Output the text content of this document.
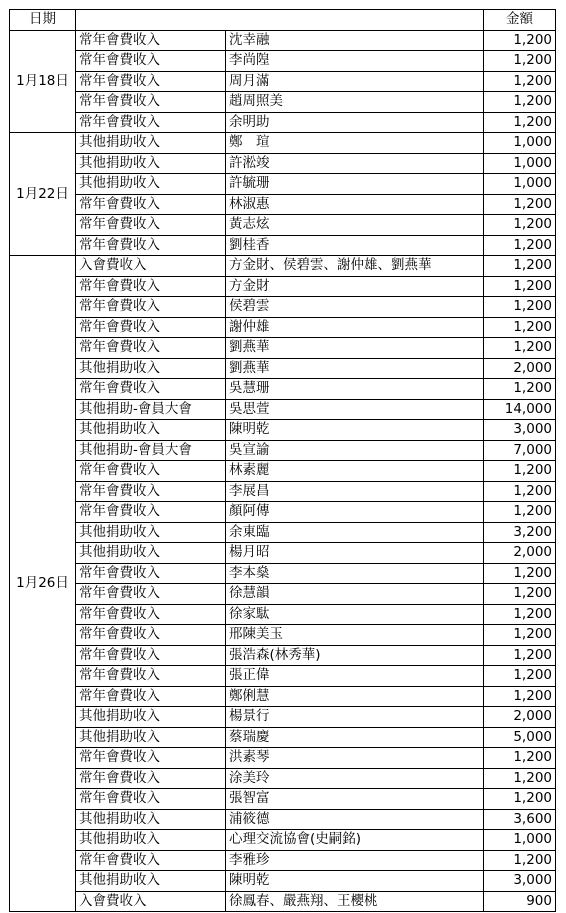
日期			金額
1月18日	常年會費收入	沈幸融	1,200
	常年會費收入	李尚隍	1,200
	常年會費收入	周月滿	1,200
	常年會費收入	趙周照美	1,200
	常年會費收入	余明助	1,200
1月22日	其他捐助收入	鄭　瑄	1,000
	其他捐助收入	許淞竣	1,000
	其他捐助收入	許毓珊	1,000
	常年會費收入	林淑惠	1,200
	常年會費收入	黃志炫	1,200
	常年會費收入	劉桂香	1,200
1月26日	入會費收入	方金財、侯碧雲、謝仲雄、劉燕華	1,200
	常年會費收入	方金財	1,200
	常年會費收入	侯碧雲	1,200
	常年會費收入	謝仲雄	1,200
	常年會費收入	劉燕華	1,200
	其他捐助收入	劉燕華	2,000
	常年會費收入	吳慧珊	1,200
	其他捐助-會員大會	吳思萱	14,000
	其他捐助收入	陳明乾	3,000
	其他捐助-會員大會	吳宣諭	7,000
	常年會費收入	林素麗	1,200
	常年會費收入	李展昌	1,200
	常年會費收入	顏阿傳	1,200
	其他捐助收入	余東臨	3,200
	其他捐助收入	楊月昭	2,000
	常年會費收入	李本燊	1,200
	常年會費收入	徐慧韻	1,200
	常年會費收入	徐家駄	1,200
	常年會費收入	邢陳美玉	1,200
	常年會費收入	張浩森(林秀華)	1,200
	常年會費收入	張正偉	1,200
	常年會費收入	鄭俐慧	1,200
	其他捐助收入	楊景行	2,000
	其他捐助收入	蔡瑞慶	5,000
	常年會費收入	洪素琴	1,200
	常年會費收入	涂美玲	1,200
	常年會費收入	張智富	1,200
	其他捐助收入	浦筱德	3,600
	其他捐助收入	心理交流協會(史嗣銘)	1,000
	常年會費收入	李雅珍	1,200
	其他捐助收入	陳明乾	3,000
	入會費收入	徐鳳春、嚴燕翔、王櫻桃	900
